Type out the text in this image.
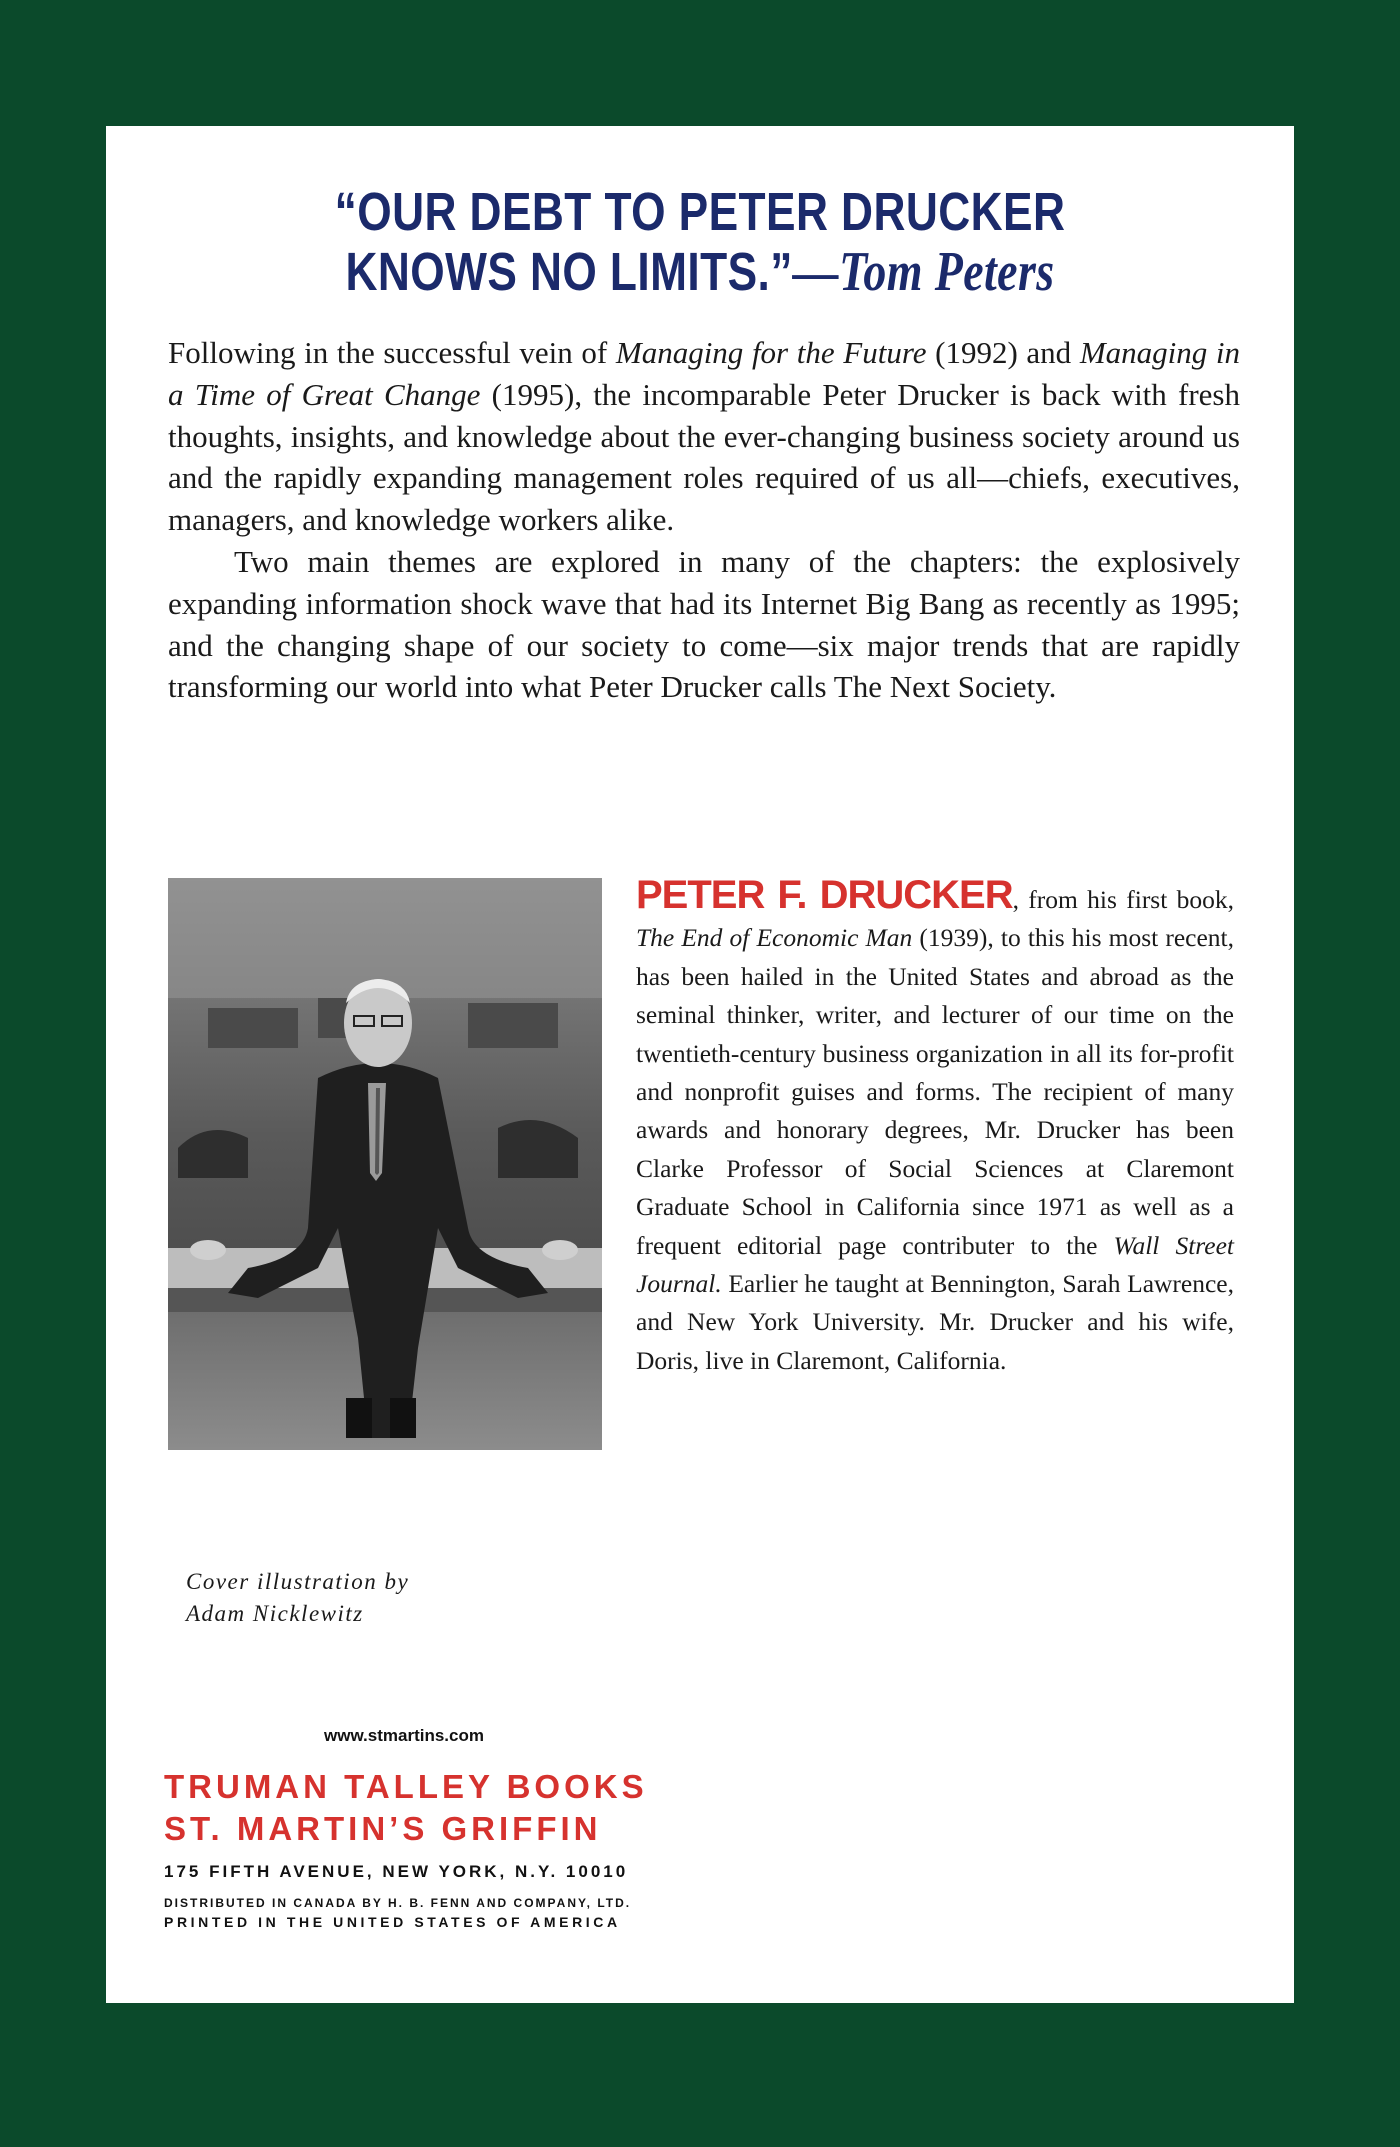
“OUR DEBT TO PETER DRUCKER
KNOWS NO LIMITS.”—Tom Peters

Following in the successful vein of Managing for the Future (1992) and Managing in a Time of Great Change (1995), the incomparable Peter Drucker is back with fresh thoughts, insights, and knowledge about the ever-changing business society around us and the rapidly expanding management roles required of us all—chiefs, executives, managers, and knowledge workers alike.

Two main themes are explored in many of the chapters: the explosively expanding information shock wave that had its Internet Big Bang as recently as 1995; and the changing shape of our society to come—six major trends that are rapidly transforming our world into what Peter Drucker calls The Next Society.

PETER F. DRUCKER, from his first book, The End of Economic Man (1939), to this his most recent, has been hailed in the United States and abroad as the seminal thinker, writer, and lecturer of our time on the twentieth-century business organization in all its for-profit and nonprofit guises and forms. The recipient of many awards and honorary degrees, Mr. Drucker has been Clarke Professor of Social Sciences at Claremont Graduate School in California since 1971 as well as a frequent editorial page contributer to the Wall Street Journal. Earlier he taught at Bennington, Sarah Lawrence, and New York University. Mr. Drucker and his wife, Doris, live in Claremont, California.
Cover illustration by
Adam Nicklewitz
www.stmartins.com
TRUMAN TALLEY BOOKS
ST. MARTIN’S GRIFFIN
175 FIFTH AVENUE, NEW YORK, N.Y. 10010
DISTRIBUTED IN CANADA BY H. B. FENN AND COMPANY, LTD.
PRINTED IN THE UNITED STATES OF AMERICA
